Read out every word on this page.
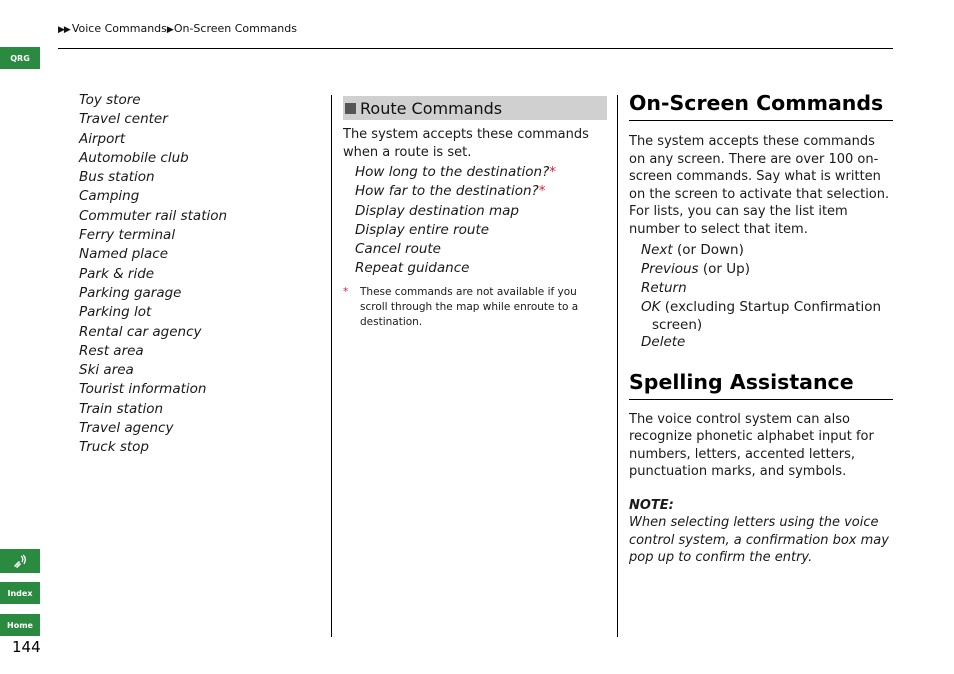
▶▶ Voice Commands▶On-Screen Commands
QRG
Index
Home
144
Toy store
Travel center
Airport
Automobile club
Bus station
Camping
Commuter rail station
Ferry terminal
Named place
Park & ride
Parking garage
Parking lot
Rental car agency
Rest area
Ski area
Tourist information
Train station
Travel agency
Truck stop
Route Commands
The system accepts these commands when a route is set.
How long to the destination?*
How far to the destination?*
Display destination map
Display entire route
Cancel route
Repeat guidance
*	These commands are not available if you scroll through the map while enroute to a destination.
On-Screen Commands
The system accepts these commands on any screen. There are over 100 on-screen commands. Say what is written on the screen to activate that selection. For lists, you can say the list item number to select that item.
Next (or Down)
Previous (or Up)
Return
OK (excluding Startup Confirmation
screen)
Delete
Spelling Assistance
The voice control system can also recognize phonetic alphabet input for numbers, letters, accented letters, punctuation marks, and symbols.
NOTE:
When selecting letters using the voice control system, a confirmation box may pop up to confirm the entry.
